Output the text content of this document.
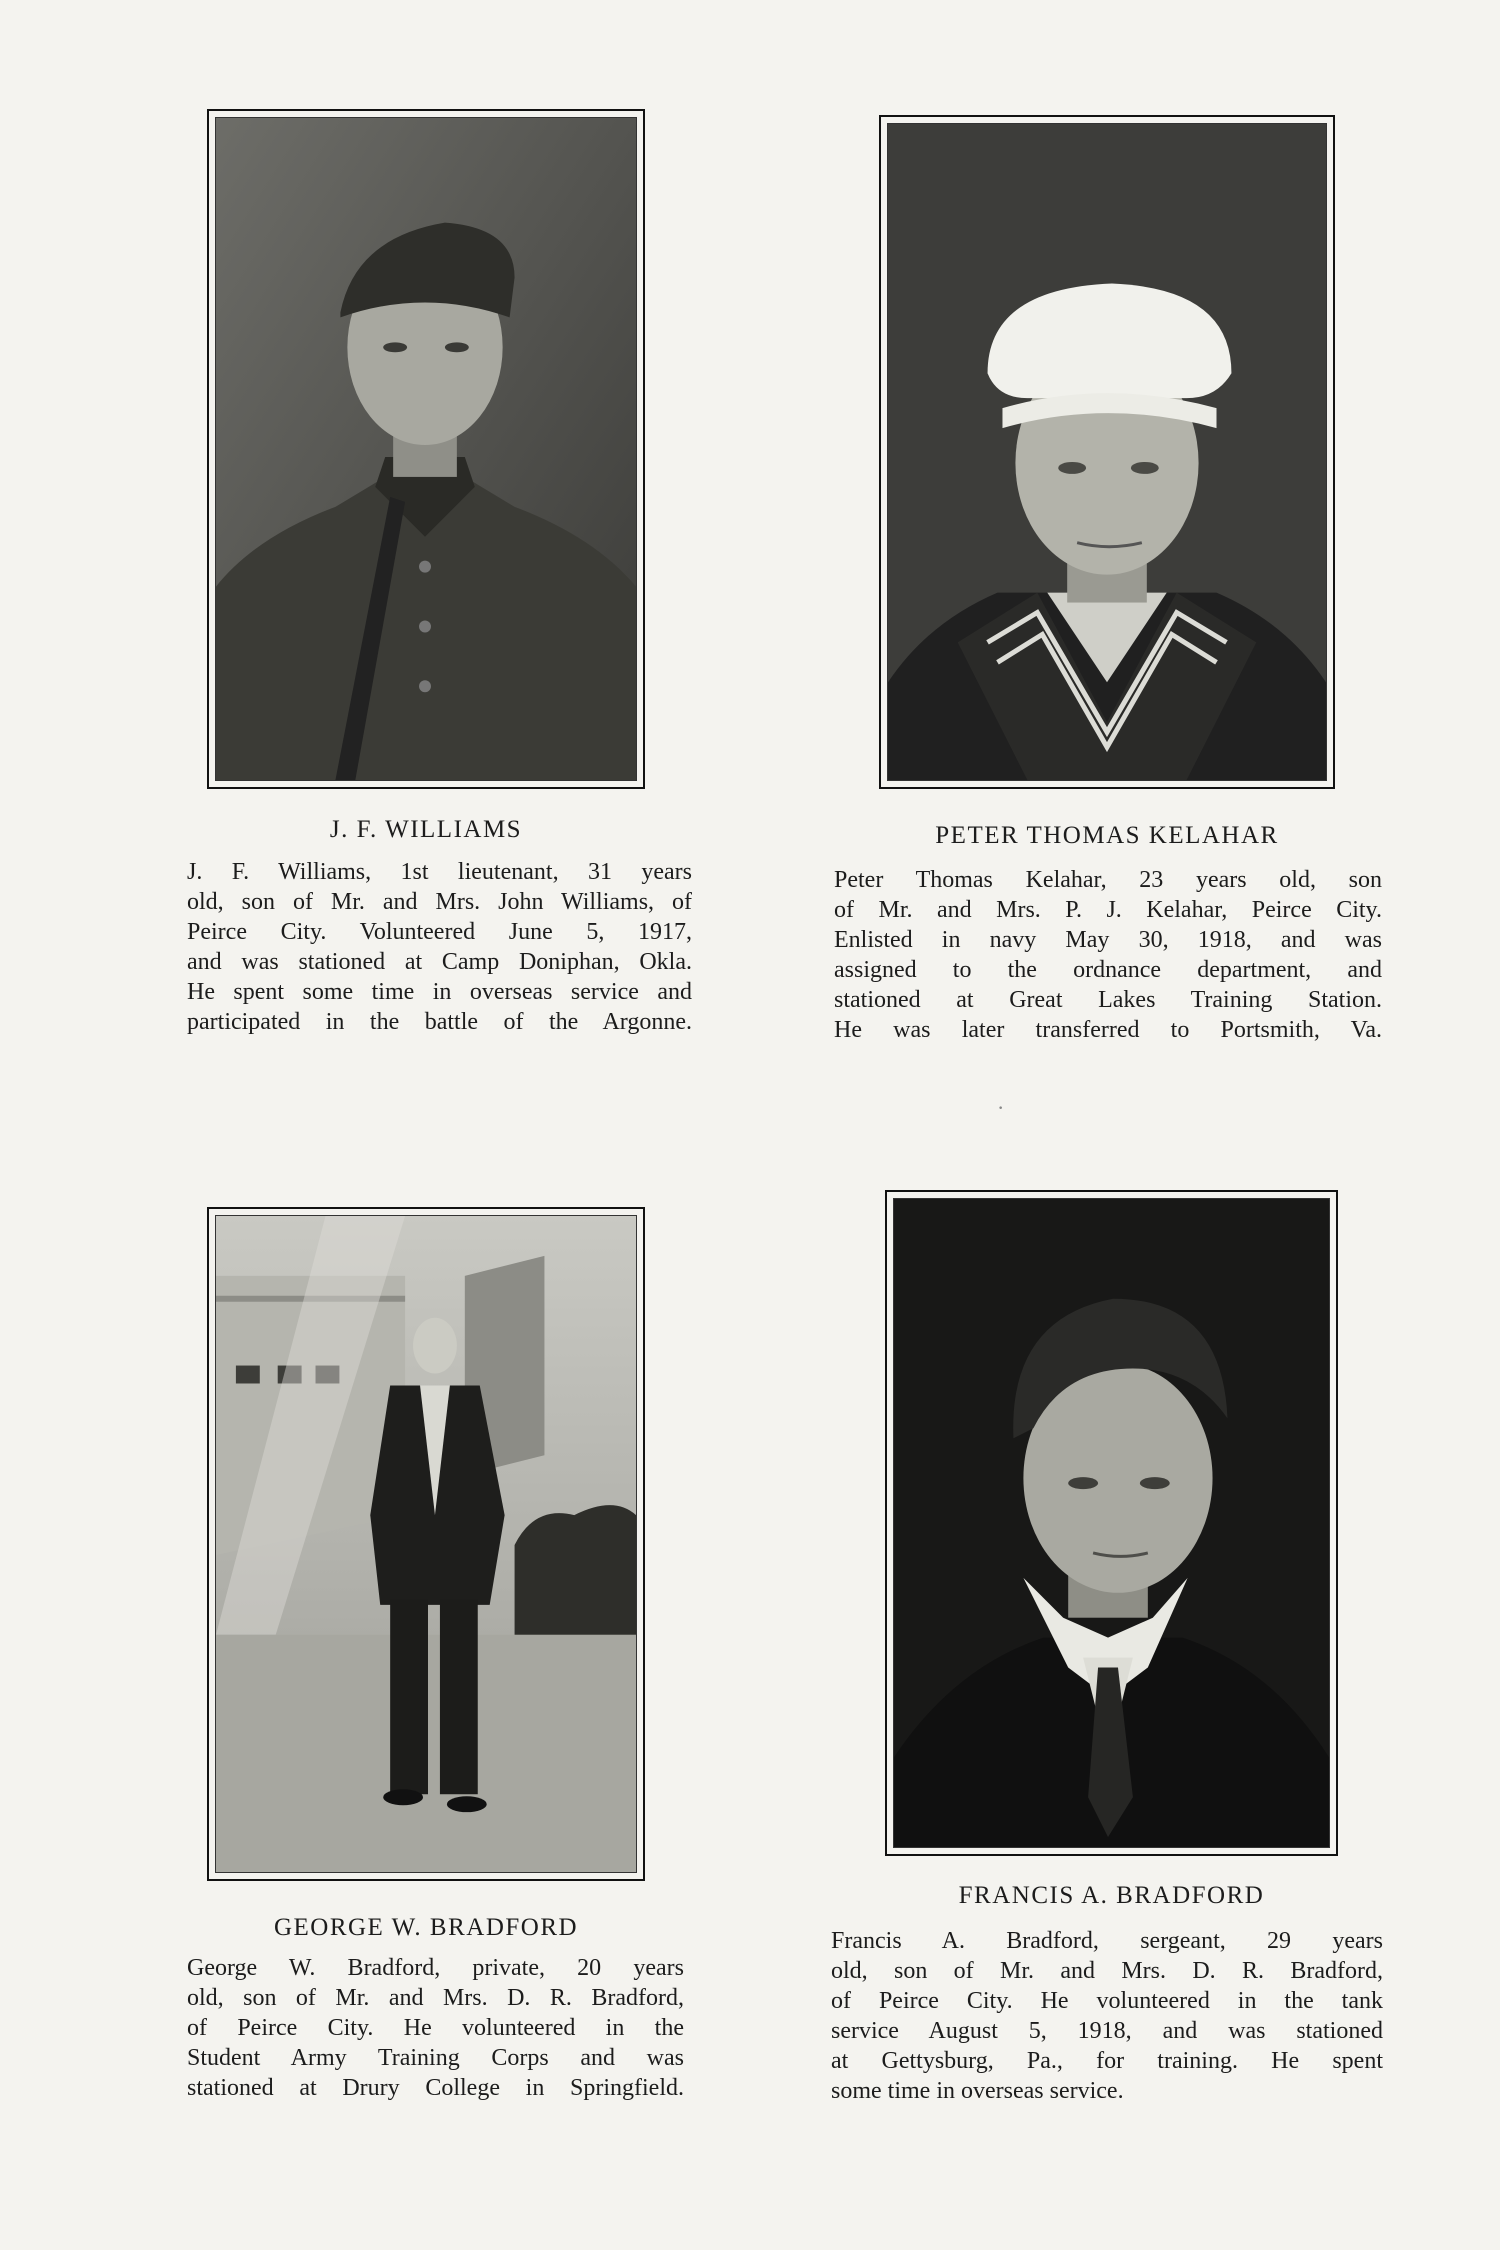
J. F. WILLIAMS
J. F. Williams, 1st lieutenant, 31 years
old, son of Mr. and Mrs. John Williams, of
Peirce City. Volunteered June 5, 1917,
and was stationed at Camp Doniphan, Okla.
He spent some time in overseas service and
participated in the battle of the Argonne.
PETER THOMAS KELAHAR
Peter Thomas Kelahar, 23 years old, son
of Mr. and Mrs. P. J. Kelahar, Peirce City.
Enlisted in navy May 30, 1918, and was
assigned to the ordnance department, and
stationed at Great Lakes Training Station.
He was later transferred to Portsmith, Va.
·
GEORGE W. BRADFORD
George W. Bradford, private, 20 years
old, son of Mr. and Mrs. D. R. Bradford,
of Peirce City. He volunteered in the
Student Army Training Corps and was
stationed at Drury College in Springfield.
FRANCIS A. BRADFORD
Francis A. Bradford, sergeant, 29 years
old, son of Mr. and Mrs. D. R. Bradford,
of Peirce City. He volunteered in the tank
service August 5, 1918, and was stationed
at Gettysburg, Pa., for training. He spent
some time in overseas service.
